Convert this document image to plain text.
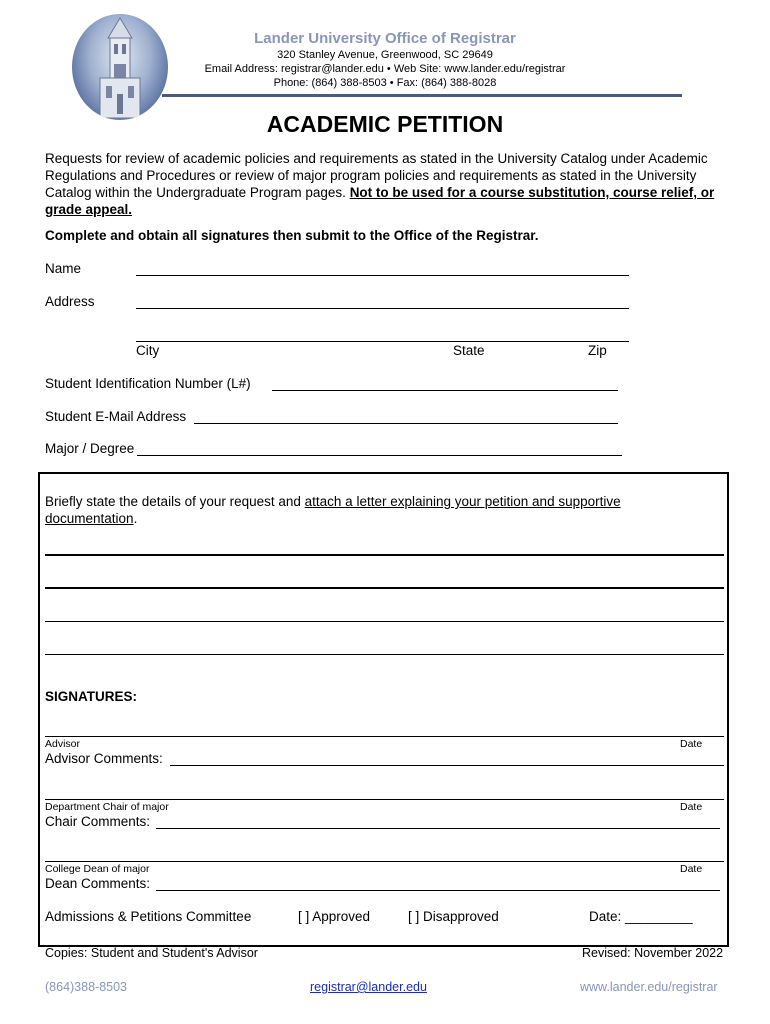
Lander University Office of Registrar
320 Stanley Avenue, Greenwood, SC 29649
Email Address: registrar@lander.edu • Web Site: www.lander.edu/registrar
Phone: (864) 388-8503 • Fax: (864) 388-8028
ACADEMIC PETITION
Requests for review of academic policies and requirements as stated in the University Catalog under Academic Regulations and Procedures or review of major program policies and requirements as stated in the University Catalog within the Undergraduate Program pages. Not to be used for a course substitution, course relief, or grade appeal.
Complete and obtain all signatures then submit to the Office of the Registrar.
Name
Address
City	State	Zip
Student Identification Number (L#)
Student E-Mail Address
Major / Degree
Briefly state the details of your request and attach a letter explaining your petition and supportive
documentation.
SIGNATURES:
Advisor	Date
Advisor Comments:
Department Chair of major	Date
Chair Comments:
College Dean of major	Date
Dean Comments:
Admissions & Petitions Committee	[ ] Approved	[ ] Disapproved	Date: _________
Copies: Student and Student's Advisor	Revised: November 2022
(864)388-8503	registrar@lander.edu	www.lander.edu/registrar
